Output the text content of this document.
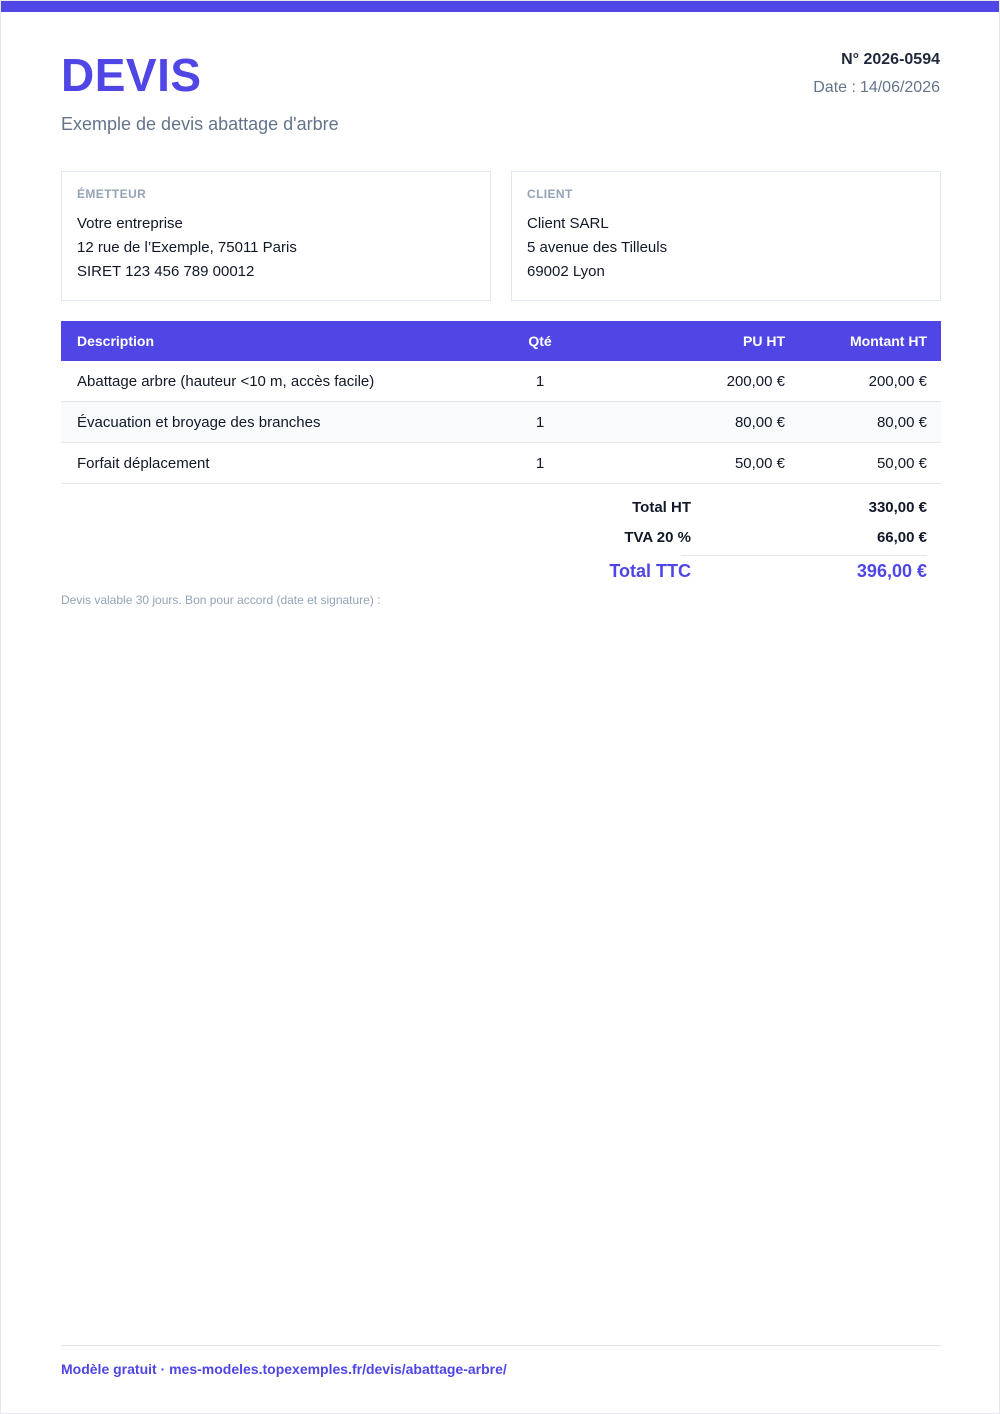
DEVIS
Exemple de devis abattage d'arbre
N° 2026-0594
Date : 14/06/2026
ÉMETTEUR
Votre entreprise
12 rue de l’Exemple, 75011 Paris
SIRET 123 456 789 00012
CLIENT
Client SARL
5 avenue des Tilleuls
69002 Lyon
Description	Qté	PU HT	Montant HT
Abattage arbre (hauteur <10 m, accès facile)	1	200,00 €	200,00 €
Évacuation et broyage des branches	1	80,00 €	80,00 €
Forfait déplacement	1	50,00 €	50,00 €
Total HT	330,00 €
TVA 20 %	66,00 €
Total TTC	396,00 €
Devis valable 30 jours. Bon pour accord (date et signature) :
Modèle gratuit · mes-modeles.topexemples.fr/devis/abattage-arbre/
